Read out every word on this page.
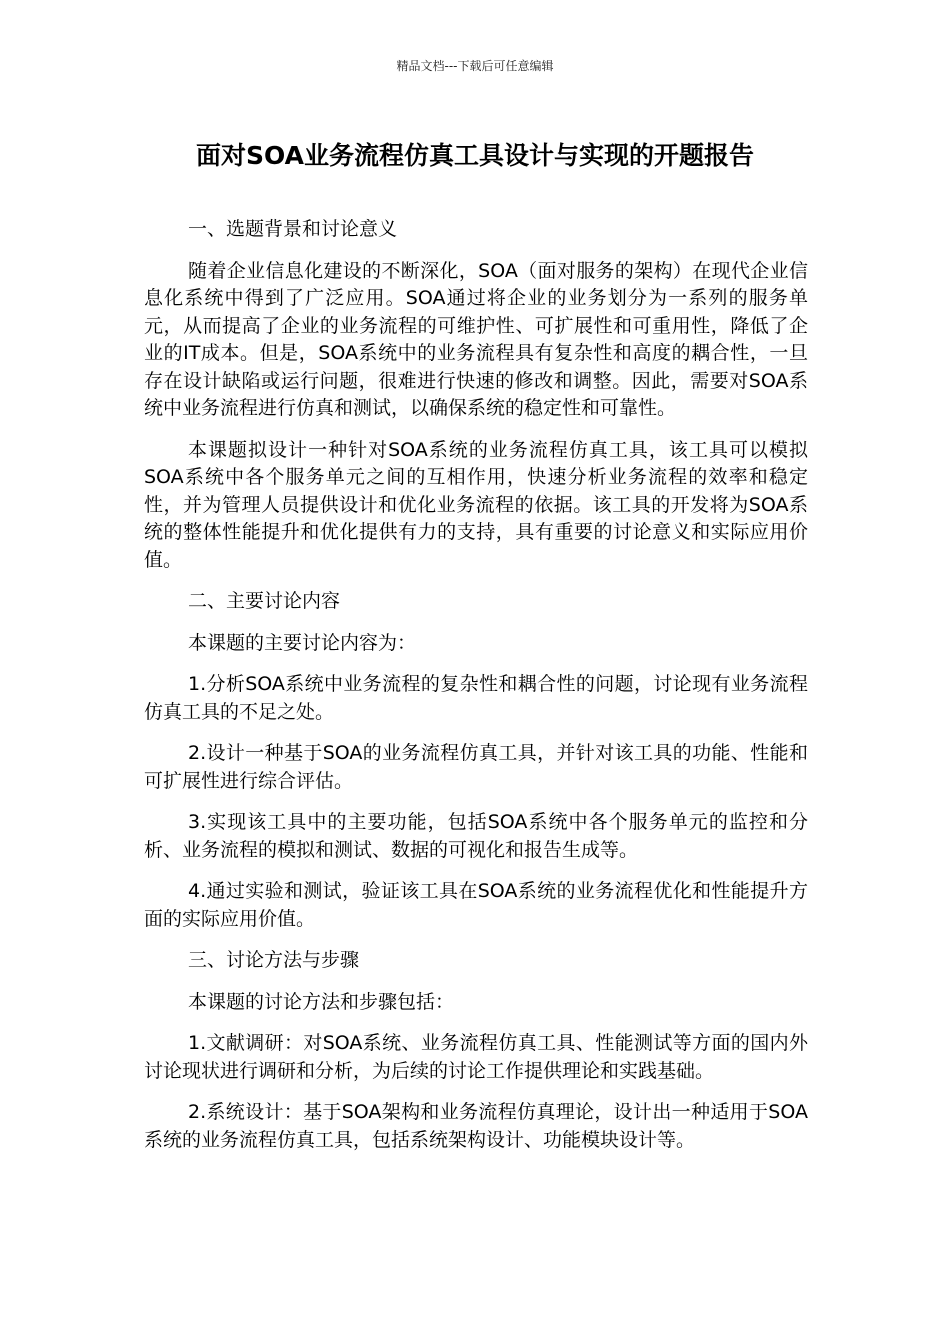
精品文档---下载后可任意编辑
面对SOA业务流程仿真工具设计与实现的开题报告

一、选题背景和讨论意义

随着企业信息化建设的不断深化，SOA（面对服务的架构）在现代企业信息化系统中得到了广泛应用。SOA通过将企业的业务划分为一系列的服务单元，从而提高了企业的业务流程的可维护性、可扩展性和可重用性，降低了企业的IT成本。但是，SOA系统中的业务流程具有复杂性和高度的耦合性，一旦存在设计缺陷或运行问题，很难进行快速的修改和调整。因此，需要对SOA系统中业务流程进行仿真和测试，以确保系统的稳定性和可靠性。

本课题拟设计一种针对SOA系统的业务流程仿真工具，该工具可以模拟SOA系统中各个服务单元之间的互相作用，快速分析业务流程的效率和稳定性，并为管理人员提供设计和优化业务流程的依据。该工具的开发将为SOA系统的整体性能提升和优化提供有力的支持，具有重要的讨论意义和实际应用价值。

二、主要讨论内容

本课题的主要讨论内容为：

1.分析SOA系统中业务流程的复杂性和耦合性的问题，讨论现有业务流程仿真工具的不足之处。

2.设计一种基于SOA的业务流程仿真工具，并针对该工具的功能、性能和可扩展性进行综合评估。

3.实现该工具中的主要功能，包括SOA系统中各个服务单元的监控和分析、业务流程的模拟和测试、数据的可视化和报告生成等。

4.通过实验和测试，验证该工具在SOA系统的业务流程优化和性能提升方面的实际应用价值。

三、讨论方法与步骤

本课题的讨论方法和步骤包括：

1.文献调研：对SOA系统、业务流程仿真工具、性能测试等方面的国内外讨论现状进行调研和分析，为后续的讨论工作提供理论和实践基础。

2.系统设计：基于SOA架构和业务流程仿真理论，设计出一种适用于SOA系统的业务流程仿真工具，包括系统架构设计、功能模块设计等。
